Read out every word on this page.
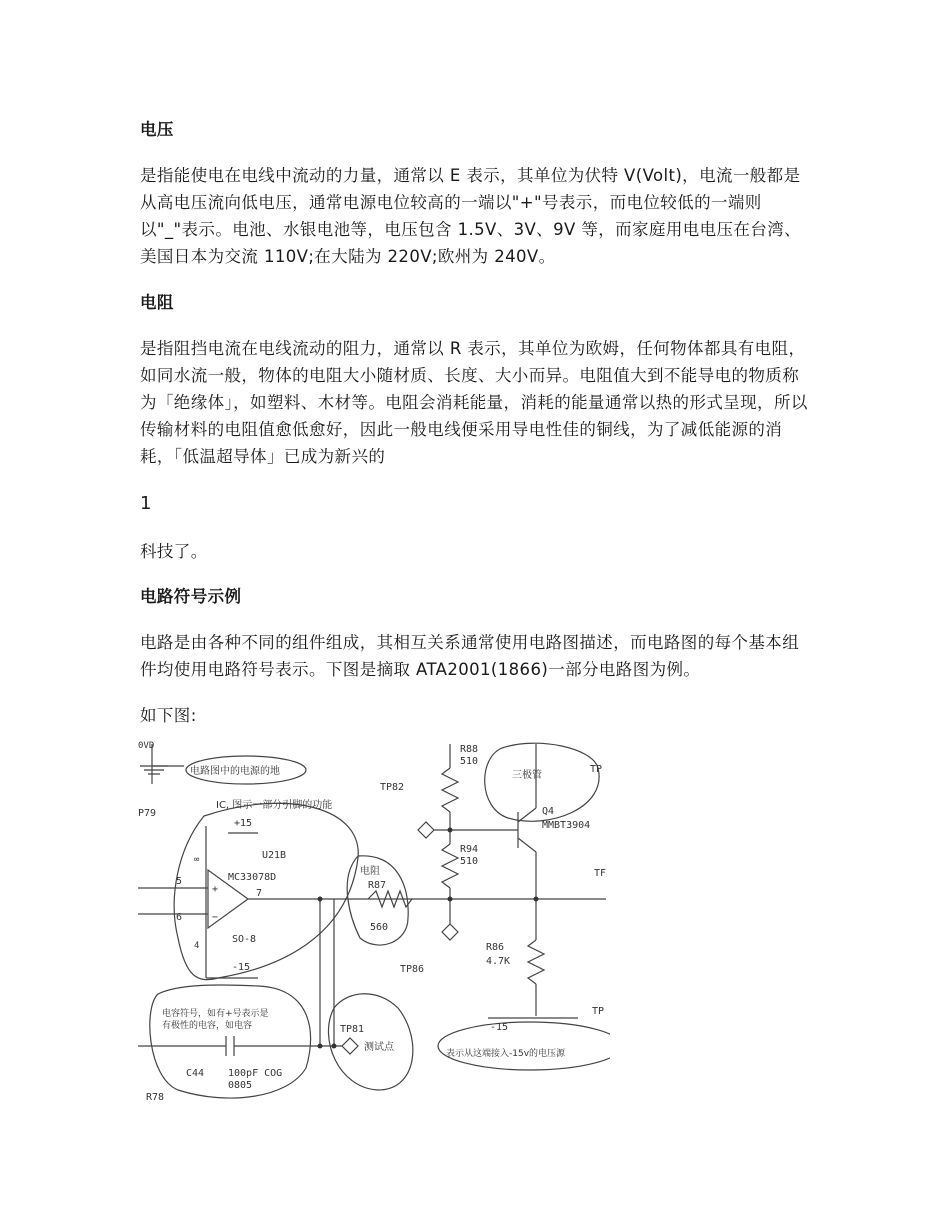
电压

是指能使电在电线中流动的力量，通常以 E 表示，其单位为伏特 V(Volt)，电流一般都是从高电压流向低电压，通常电源电位较高的一端以"+"号表示，而电位较低的一端则以"_"表示。电池、水银电池等，电压包含 1.5V、3V、9V 等，而家庭用电电压在台湾、美国日本为交流 110V;在大陆为 220V;欧州为 240V。

电阻

是指阻挡电流在电线流动的阻力，通常以 R 表示，其单位为欧姆，任何物体都具有电阻，如同水流一般，物体的电阻大小随材质、长度、大小而异。电阻值大到不能导电的物质称为「绝缘体」，如塑料、木材等。电阻会消耗能量，消耗的能量通常以热的形式呈现，所以传输材料的电阻值愈低愈好，因此一般电线便采用导电性佳的铜线，为了减低能源的消耗，「低温超导体」已成为新兴的

1

科技了。

电路符号示例

电路是由各种不同的组件组成，其相互关系通常使用电路图描述，而电路图的每个基本组件均使用电路符号表示。下图是摘取 ATA2001(1866)一部分电路图为例。

如下图:

0VD
电路图中的电源的地
P79
IC, 图示一部分引脚的功能
+15
∞	U21B
MC33078D
5
6
+
−
7
4
SO-8
-15
R88
510
TP82
三极管
Q4
MMBT3904
TP
R94
510
TF
电阻
R87
560
R86
4.7K
TP86
TP
电容符号，如有+号表示是
有极性的电容，如电容	TP81
测试点
-15
表示从这端接入-15v的电压源
C44 100pF COG
0805
R78
